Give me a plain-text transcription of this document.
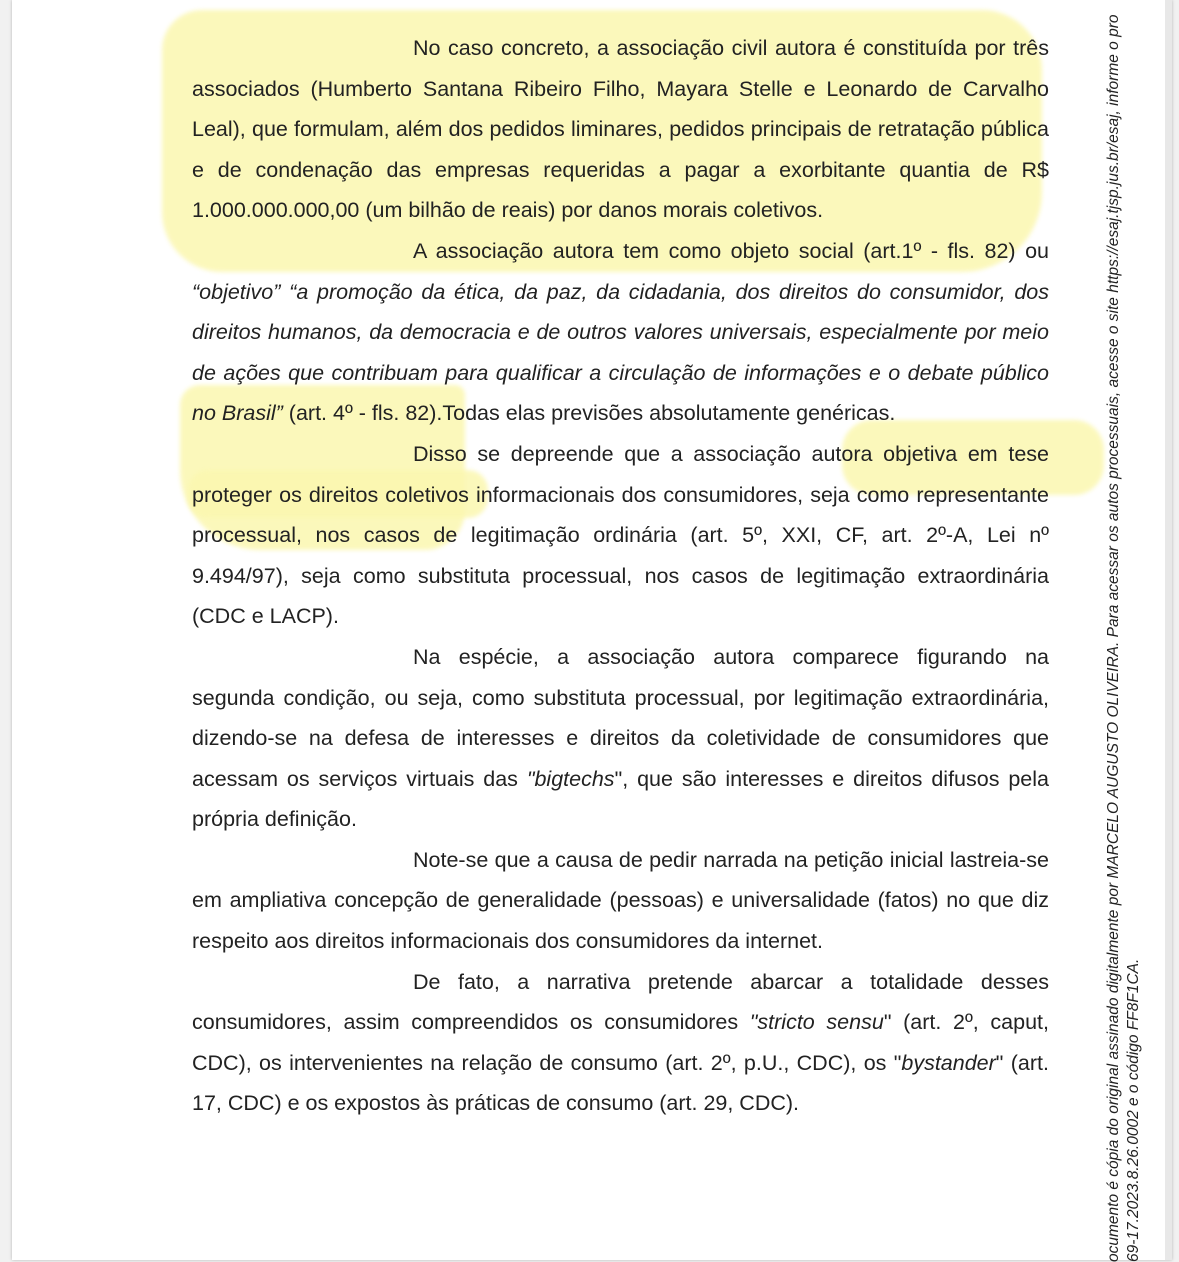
No caso concreto, a associação civil autora é constituída por três associados (Humberto Santana Ribeiro Filho, Mayara Stelle e Leonardo de Carvalho Leal), que formulam, além dos pedidos liminares, pedidos principais de retratação pública e de condenação das empresas requeridas a pagar a exorbitante quantia de R$ 1.000.000.000,00 (um bilhão de reais) por danos morais coletivos.

A associação autora tem como objeto social (art.1º - fls. 82) ou “objetivo” “a promoção da ética, da paz, da cidadania, dos direitos do consumidor, dos direitos humanos, da democracia e de outros valores universais, especialmente por meio de ações que contribuam para qualificar a circulação de informações e o debate público no Brasil” (art. 4º - fls. 82).Todas elas previsões absolutamente genéricas.

Disso se depreende que a associação autora objetiva em tese proteger os direitos coletivos informacionais dos consumidores, seja como representante processual, nos casos de legitimação ordinária (art. 5º, XXI, CF, art. 2º-A, Lei nº 9.494/97), seja como substituta processual, nos casos de legitimação extraordinária (CDC e LACP).

Na espécie, a associação autora comparece figurando na segunda condição, ou seja, como substituta processual, por legitimação extraordinária, dizendo-se na defesa de interesses e direitos da coletividade de consumidores que acessam os serviços virtuais das "bigtechs", que são interesses e direitos difusos pela própria definição.

Note-se que a causa de pedir narrada na petição inicial lastreia-se em ampliativa concepção de generalidade (pessoas) e universalidade (fatos) no que diz respeito aos direitos informacionais dos consumidores da internet.

De fato, a narrativa pretende abarcar a totalidade desses consumidores, assim compreendidos os consumidores "stricto sensu" (art. 2º, caput, CDC), os intervenientes na relação de consumo (art. 2º, p.U., CDC), os "bystander" (art. 17, CDC) e os expostos às práticas de consumo (art. 29, CDC).	ocumento é cópia do original assinado digitalmente por MARCELO AUGUSTO OLIVEIRA. Para acessar os autos processuais, acesse o site https://esaj.tjsp.jus.br/esaj, informe o pro 69-17.2023.8.26.0002 e o código FF8F1CA.
